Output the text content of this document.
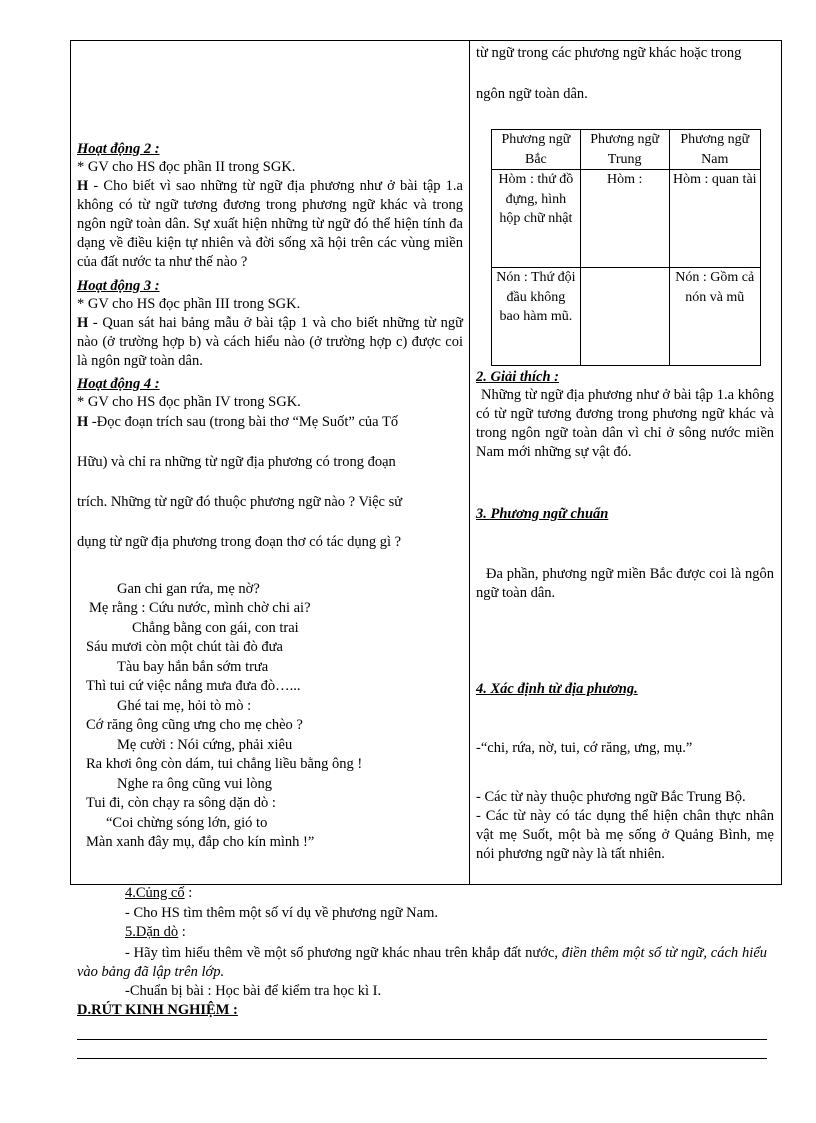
Hoạt động 2 :

* GV cho HS đọc phần II trong SGK.

H - Cho biết vì sao những từ ngữ địa phương như ở bài tập 1.a không có từ ngữ tương đương trong phương ngữ khác và trong ngôn ngữ toàn dân. Sự xuất hiện những từ ngữ đó thể hiện tính đa dạng về điều kiện tự nhiên và đời sống xã hội trên các vùng miền của đất nước ta như thế nào ?

Hoạt động 3 :

* GV cho HS đọc phần III trong SGK.

H - Quan sát hai bảng mẫu ở bài tập 1 và cho biết những từ ngữ nào (ở trường hợp b) và cách hiểu nào (ở trường hợp c) được coi là ngôn ngữ toàn dân.

Hoạt động 4 :

* GV cho HS đọc phần IV trong SGK.

H -Đọc đoạn trích sau (trong bài thơ “Mẹ Suốt” của Tố
Hữu) và chỉ ra những từ ngữ địa phương có trong đoạn
trích. Những từ ngữ đó thuộc phương ngữ nào ? Việc sử
dụng từ ngữ địa phương trong đoạn thơ có tác dụng gì ?
Gan chi gan rứa, mẹ nờ?
Mẹ rằng : Cứu nước, mình chờ chi ai?
Chẳng bằng con gái, con trai
Sáu mươi còn một chút tài đò đưa
Tàu bay hắn bắn sớm trưa
Thì tui cứ việc nắng mưa đưa đò…...
Ghé tai mẹ, hỏi tò mò :
Cớ răng ông cũng ưng cho mẹ chèo ?
Mẹ cười : Nói cứng, phải xiêu
Ra khơi ông còn dám, tui chẳng liều bằng ông !
Nghe ra ông cũng vui lòng
Tui đi, còn chạy ra sông dặn dò :
“Coi chừng sóng lớn, gió to
Màn xanh đây mụ, đắp cho kín mình !”
từ ngữ trong các phương ngữ khác hoặc trong
ngôn ngữ toàn dân.
Phương ngữ Bắc	Phương ngữ Trung	Phương ngữ Nam
Hòm : thứ đồ đựng, hình hộp chữ nhật	Hòm :	Hòm : quan tài
Nón : Thứ đội đầu không bao hàm mũ.		Nón : Gồm cả nón và mũ
2. Giải thích :

Những từ ngữ địa phương như ở bài tập 1.a không có từ ngữ tương đương trong phương ngữ khác và trong ngôn ngữ toàn dân vì chỉ ở sông nước miền Nam mới những sự vật đó.

3. Phương ngữ chuẩn

Đa phần, phương ngữ miền Bắc được coi là ngôn ngữ toàn dân.

4. Xác định từ địa phương.
-“chi, rứa, nờ, tui, cớ răng, ưng, mụ.”

- Các từ này thuộc phương ngữ Bắc Trung Bộ.

- Các từ này có tác dụng thể hiện chân thực nhân vật mẹ Suốt, một bà mẹ sống ở Quảng Bình, mẹ nói phương ngữ này là tất nhiên.

4.Củng cố :
- Cho HS tìm thêm một số ví dụ về phương ngữ Nam.
5.Dặn dò :

- Hãy tìm hiểu thêm về một số phương ngữ khác nhau trên khắp đất nước, điền thêm một số từ ngữ, cách hiểu vào bảng đã lập trên lớp.

-Chuẩn bị bài : Học bài để kiểm tra học kì I.
D.RÚT KINH NGHIỆM :
